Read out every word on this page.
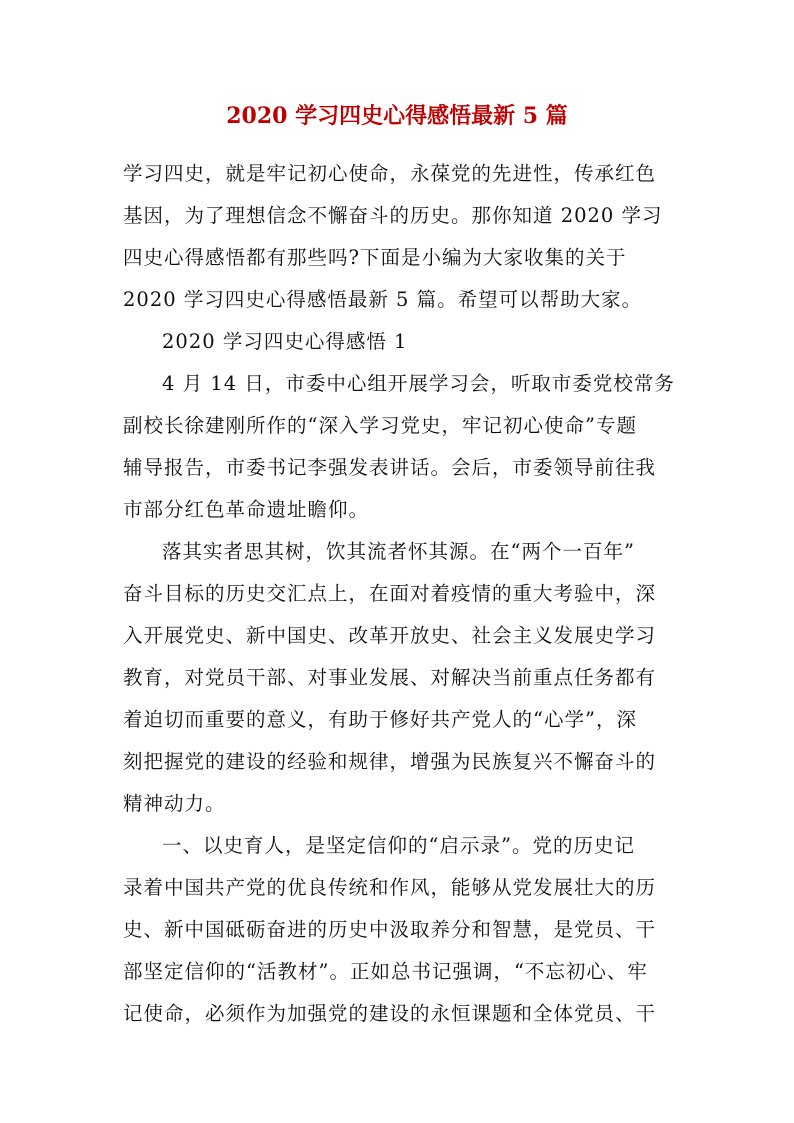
2020 学习四史心得感悟最新 5 篇
学习四史，就是牢记初心使命，永葆党的先进性，传承红色
基因，为了理想信念不懈奋斗的历史。那你知道 2020 学习
四史心得感悟都有那些吗?下面是小编为大家收集的关于
2020 学习四史心得感悟最新 5 篇。希望可以帮助大家。
2020 学习四史心得感悟 1
4 月 14 日，市委中心组开展学习会，听取市委党校常务
副校长徐建刚所作的“深入学习党史，牢记初心使命”专题
辅导报告，市委书记李强发表讲话。会后，市委领导前往我
市部分红色革命遗址瞻仰。
落其实者思其树，饮其流者怀其源。在“两个一百年”
奋斗目标的历史交汇点上，在面对着疫情的重大考验中，深
入开展党史、新中国史、改革开放史、社会主义发展史学习
教育，对党员干部、对事业发展、对解决当前重点任务都有
着迫切而重要的意义，有助于修好共产党人的“心学”，深
刻把握党的建设的经验和规律，增强为民族复兴不懈奋斗的
精神动力。
一、以史育人，是坚定信仰的“启示录”。党的历史记
录着中国共产党的优良传统和作风，能够从党发展壮大的历
史、新中国砥砺奋进的历史中汲取养分和智慧，是党员、干
部坚定信仰的“活教材”。正如总书记强调，“不忘初心、牢
记使命，必须作为加强党的建设的永恒课题和全体党员、干
